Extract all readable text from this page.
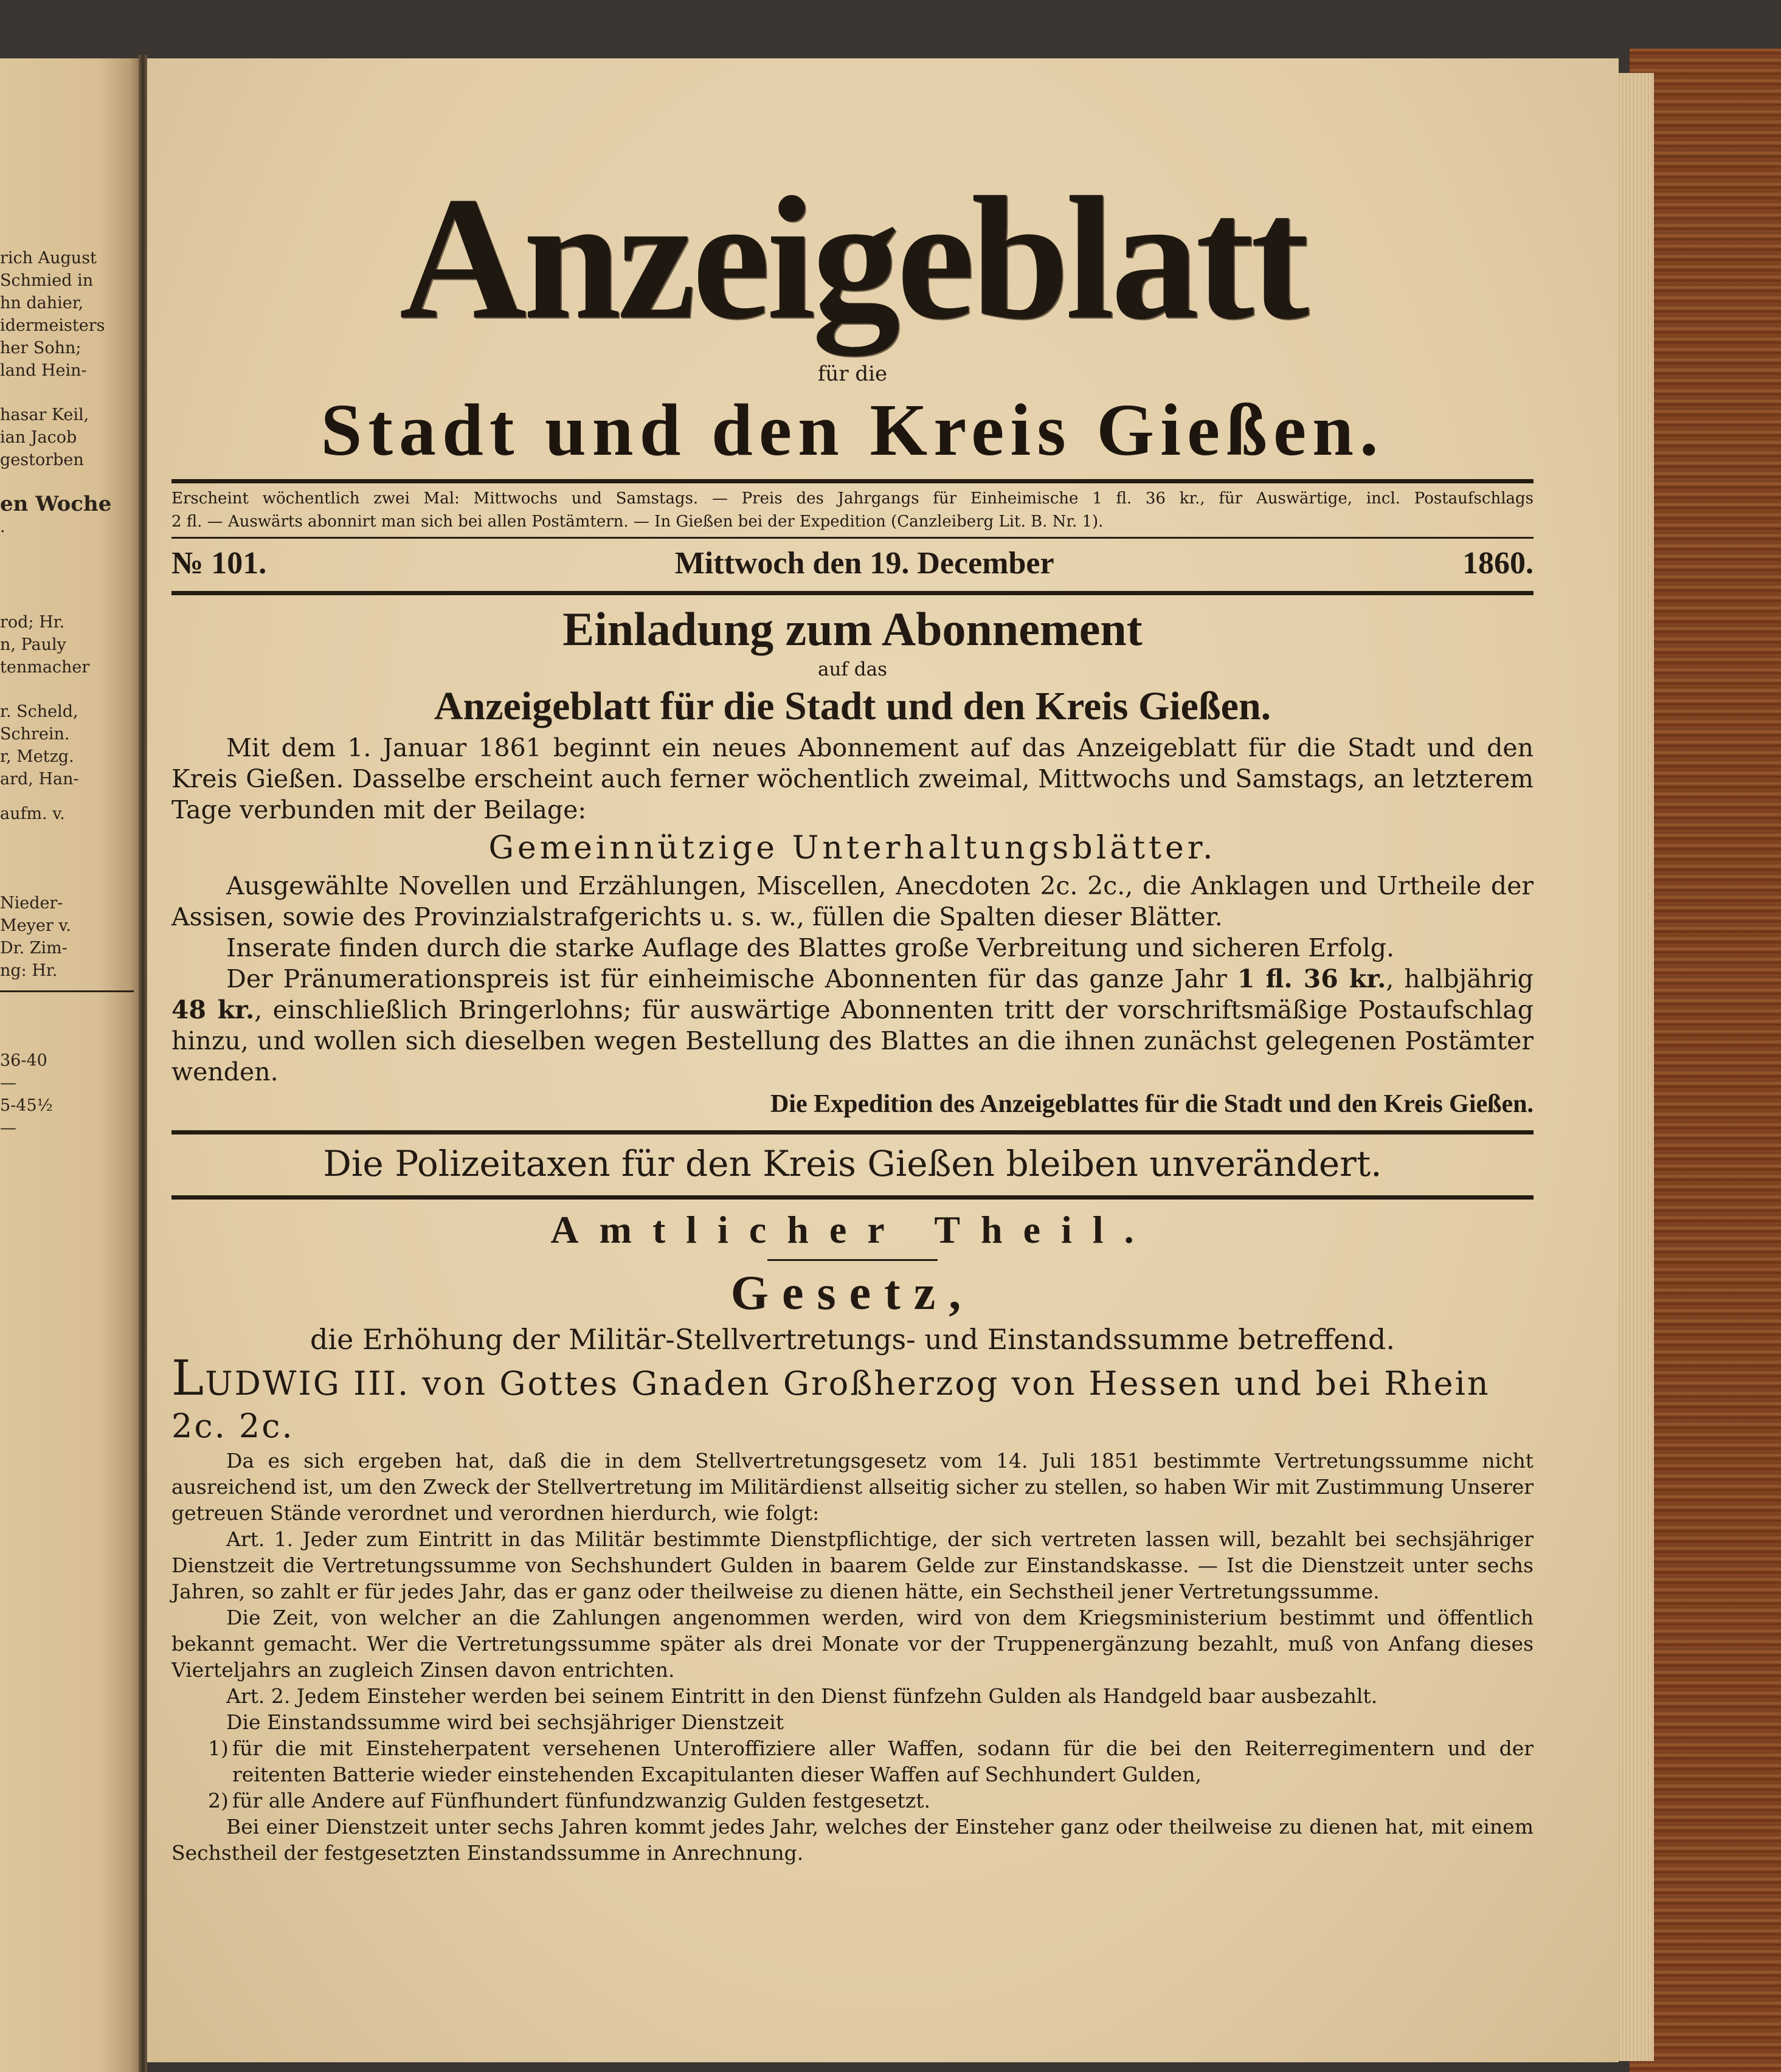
rich August
Schmied in
hn dahier,
idermeisters
her Sohn;
land Hein-
hasar Keil,
ian Jacob
gestorben
en Woche
.
rod; Hr.
n, Pauly
tenmacher
r. Scheld,
Schrein.
r, Metzg.
ard, Han-
aufm. v.
Nieder-
Meyer v.
Dr. Zim-
ng: Hr.
36-40
—
5-45½
—
Anzeigeblatt
für die
Stadt und den Kreis Gießen.
Erscheint wöchentlich zwei Mal: Mittwochs und Samstags. — Preis des Jahrgangs für Einheimische 1 fl. 36 kr., für Auswärtige, incl. Postaufschlags
2 fl. — Auswärts abonnirt man sich bei allen Postämtern. — In Gießen bei der Expedition (Canzleiberg Lit. B. Nr. 1).
№ 101.	Mittwoch den 19. December	1860.
Einladung zum Abonnement
auf das
Anzeigeblatt für die Stadt und den Kreis Gießen.

Mit dem 1. Januar 1861 beginnt ein neues Abonnement auf das Anzeigeblatt für die Stadt und den Kreis Gießen. Dasselbe erscheint auch ferner wöchentlich zweimal, Mittwochs und Samstags, an letzterem Tage verbunden mit der Beilage:

Gemeinnützige Unterhaltungsblätter.

Ausgewählte Novellen und Erzählungen, Miscellen, Anecdoten 2c. 2c., die Anklagen und Urtheile der Assisen, sowie des Provinzialstrafgerichts u. s. w., füllen die Spalten dieser Blätter.

Inserate finden durch die starke Auflage des Blattes große Verbreitung und sicheren Erfolg.

Der Pränumerationspreis ist für einheimische Abonnenten für das ganze Jahr 1 fl. 36 kr., halbjährig 48 kr., einschließlich Bringerlohns; für auswärtige Abonnenten tritt der vorschriftsmäßige Postaufschlag hinzu, und wollen sich dieselben wegen Bestellung des Blattes an die ihnen zunächst gelegenen Postämter wenden.

Die Expedition des Anzeigeblattes für die Stadt und den Kreis Gießen.
Die Polizeitaxen für den Kreis Gießen bleiben unverändert.
Amtlicher Theil.
Gesetz,
die Erhöhung der Militär-Stellvertretungs- und Einstandssumme betreffend.
LUDWIG III. von Gottes Gnaden Großherzog von Hessen und bei Rhein 2c. 2c.

Da es sich ergeben hat, daß die in dem Stellvertretungsgesetz vom 14. Juli 1851 bestimmte Vertretungssumme nicht ausreichend ist, um den Zweck der Stellvertretung im Militärdienst allseitig sicher zu stellen, so haben Wir mit Zustimmung Unserer getreuen Stände verordnet und verordnen hierdurch, wie folgt:

Art. 1. Jeder zum Eintritt in das Militär bestimmte Dienstpflichtige, der sich vertreten lassen will, bezahlt bei sechsjähriger Dienstzeit die Vertretungssumme von Sechshundert Gulden in baarem Gelde zur Einstandskasse. — Ist die Dienstzeit unter sechs Jahren, so zahlt er für jedes Jahr, das er ganz oder theilweise zu dienen hätte, ein Sechstheil jener Vertretungssumme.

Die Zeit, von welcher an die Zahlungen angenommen werden, wird von dem Kriegsministerium bestimmt und öffentlich bekannt gemacht. Wer die Vertretungssumme später als drei Monate vor der Truppenergänzung bezahlt, muß von Anfang dieses Vierteljahrs an zugleich Zinsen davon entrichten.

Art. 2. Jedem Einsteher werden bei seinem Eintritt in den Dienst fünfzehn Gulden als Handgeld baar ausbezahlt.

Die Einstandssumme wird bei sechsjähriger Dienstzeit

1) für die mit Einsteherpatent versehenen Unteroffiziere aller Waffen, sodann für die bei den Reiterregimentern und der reitenten Batterie wieder einstehenden Excapitulanten dieser Waffen auf Sechhundert Gulden,

2) für alle Andere auf Fünfhundert fünfundzwanzig Gulden festgesetzt.

Bei einer Dienstzeit unter sechs Jahren kommt jedes Jahr, welches der Einsteher ganz oder theilweise zu dienen hat, mit einem Sechstheil der festgesetzten Einstandssumme in Anrechnung.
